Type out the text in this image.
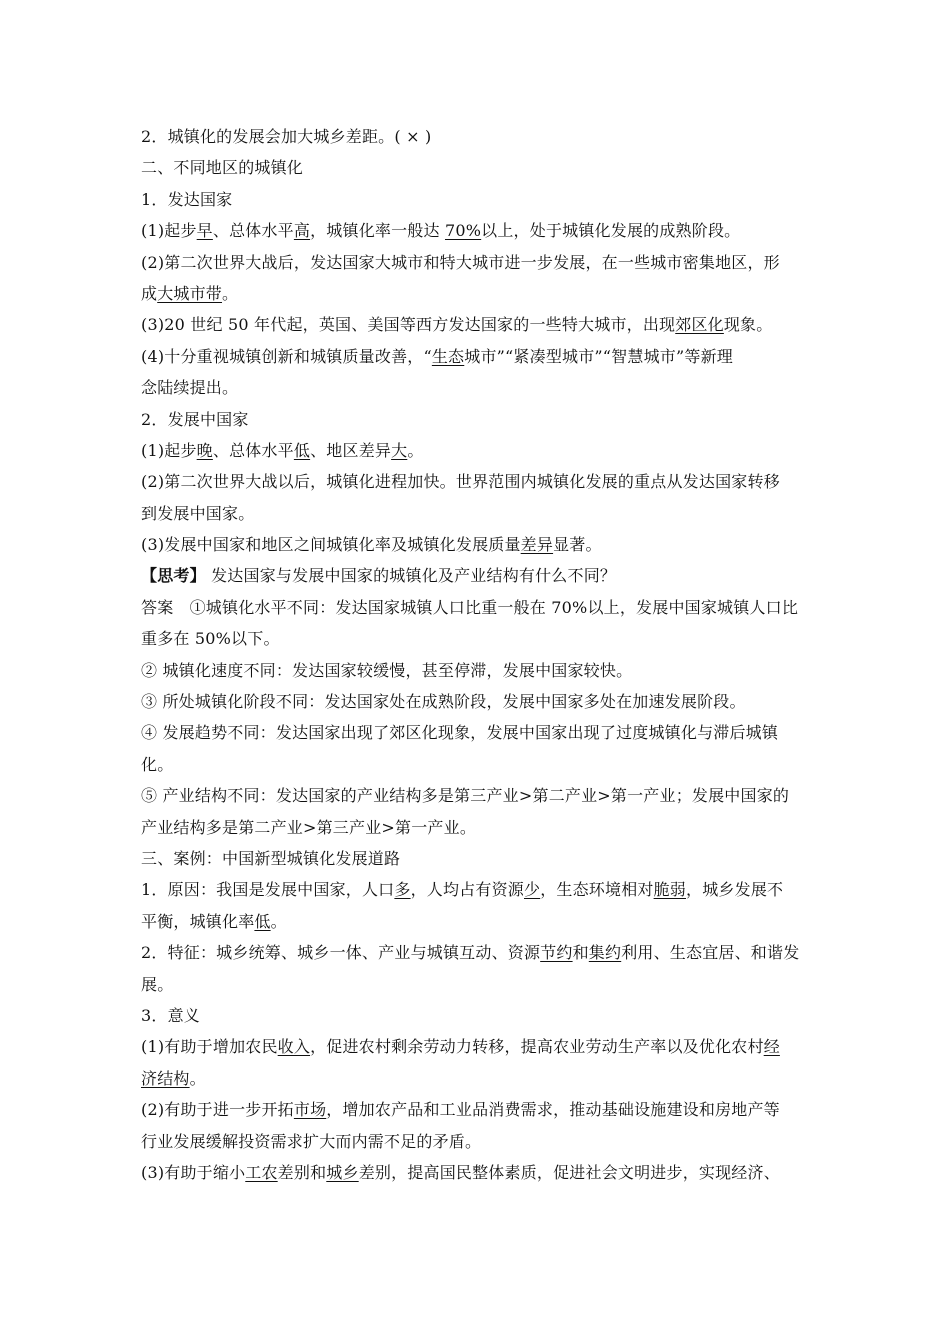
2．城镇化的发展会加大城乡差距。( × )
二、不同地区的城镇化
1．发达国家
(1)起步早、总体水平高，城镇化率一般达 70%以上，处于城镇化发展的成熟阶段。
(2)第二次世界大战后，发达国家大城市和特大城市进一步发展，在一些城市密集地区，形
成大城市带。
(3)20 世纪 50 年代起，英国、美国等西方发达国家的一些特大城市，出现郊区化现象。
(4)十分重视城镇创新和城镇质量改善，“生态城市”“紧凑型城市”“智慧城市”等新理
念陆续提出。
2．发展中国家
(1)起步晚、总体水平低、地区差异大。
(2)第二次世界大战以后，城镇化进程加快。世界范围内城镇化发展的重点从发达国家转移
到发展中国家。
(3)发展中国家和地区之间城镇化率及城镇化发展质量差异显著。
【思考】 发达国家与发展中国家的城镇化及产业结构有什么不同？
答案　①城镇化水平不同：发达国家城镇人口比重一般在 70%以上，发展中国家城镇人口比
重多在 50%以下。
② 城镇化速度不同：发达国家较缓慢，甚至停滞，发展中国家较快。
③ 所处城镇化阶段不同：发达国家处在成熟阶段，发展中国家多处在加速发展阶段。
④ 发展趋势不同：发达国家出现了郊区化现象，发展中国家出现了过度城镇化与滞后城镇
化。
⑤ 产业结构不同：发达国家的产业结构多是第三产业>第二产业>第一产业；发展中国家的
产业结构多是第二产业>第三产业>第一产业。
三、案例：中国新型城镇化发展道路
1．原因：我国是发展中国家，人口多，人均占有资源少，生态环境相对脆弱，城乡发展不
平衡，城镇化率低。
2．特征：城乡统筹、城乡一体、产业与城镇互动、资源节约和集约利用、生态宜居、和谐发
展。
3．意义
(1)有助于增加农民收入，促进农村剩余劳动力转移，提高农业劳动生产率以及优化农村经
济结构。
(2)有助于进一步开拓市场，增加农产品和工业品消费需求，推动基础设施建设和房地产等
行业发展缓解投资需求扩大而内需不足的矛盾。
(3)有助于缩小工农差别和城乡差别，提高国民整体素质，促进社会文明进步，实现经济、
